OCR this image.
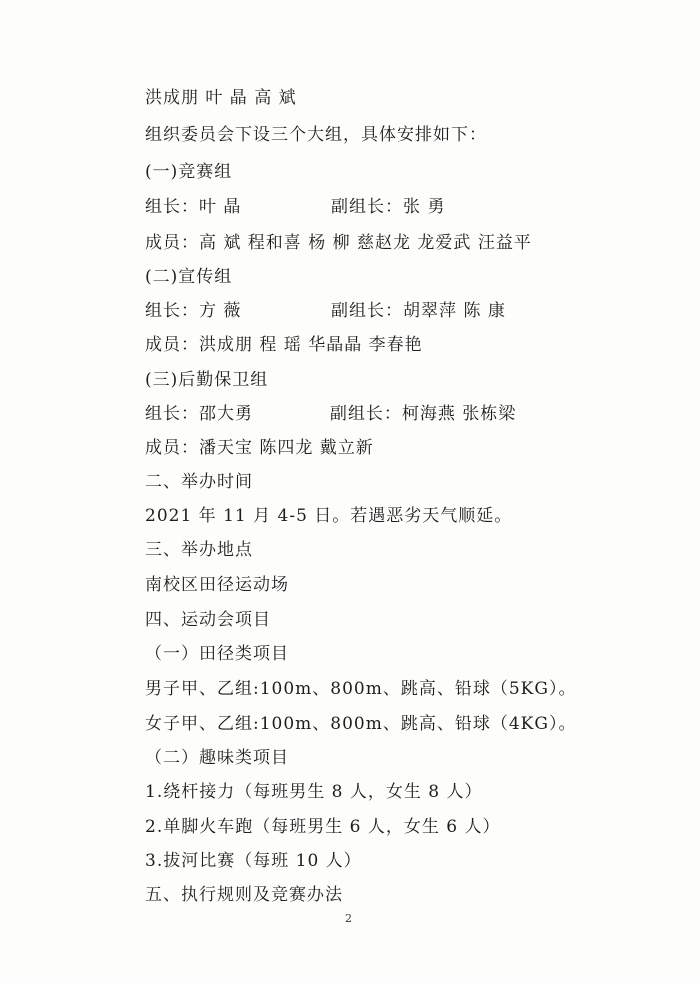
洪成朋 叶 晶 高 斌
组织委员会下设三个大组，具体安排如下：
(一)竞赛组
组长：叶 晶              副组长：张 勇
成员：高 斌 程和喜 杨 柳 慈赵龙 龙爱武 汪益平
(二)宣传组
组长：方 薇              副组长：胡翠萍 陈 康
成员：洪成朋 程 瑶 华晶晶 李春艳
(三)后勤保卫组
组长：邵大勇            副组长：柯海燕 张栋梁
成员：潘天宝 陈四龙 戴立新
二、举办时间
2021 年 11 月 4-5 日。若遇恶劣天气顺延。
三、举办地点
南校区田径运动场
四、运动会项目
（一）田径类项目
男子甲、乙组:100m、800m、跳高、铅球（5KG）。
女子甲、乙组:100m、800m、跳高、铅球（4KG）。
（二）趣味类项目
1.绕杆接力（每班男生 8 人，女生 8 人）
2.单脚火车跑（每班男生 6 人，女生 6 人）
3.拔河比赛（每班 10 人）
五、执行规则及竞赛办法
2
